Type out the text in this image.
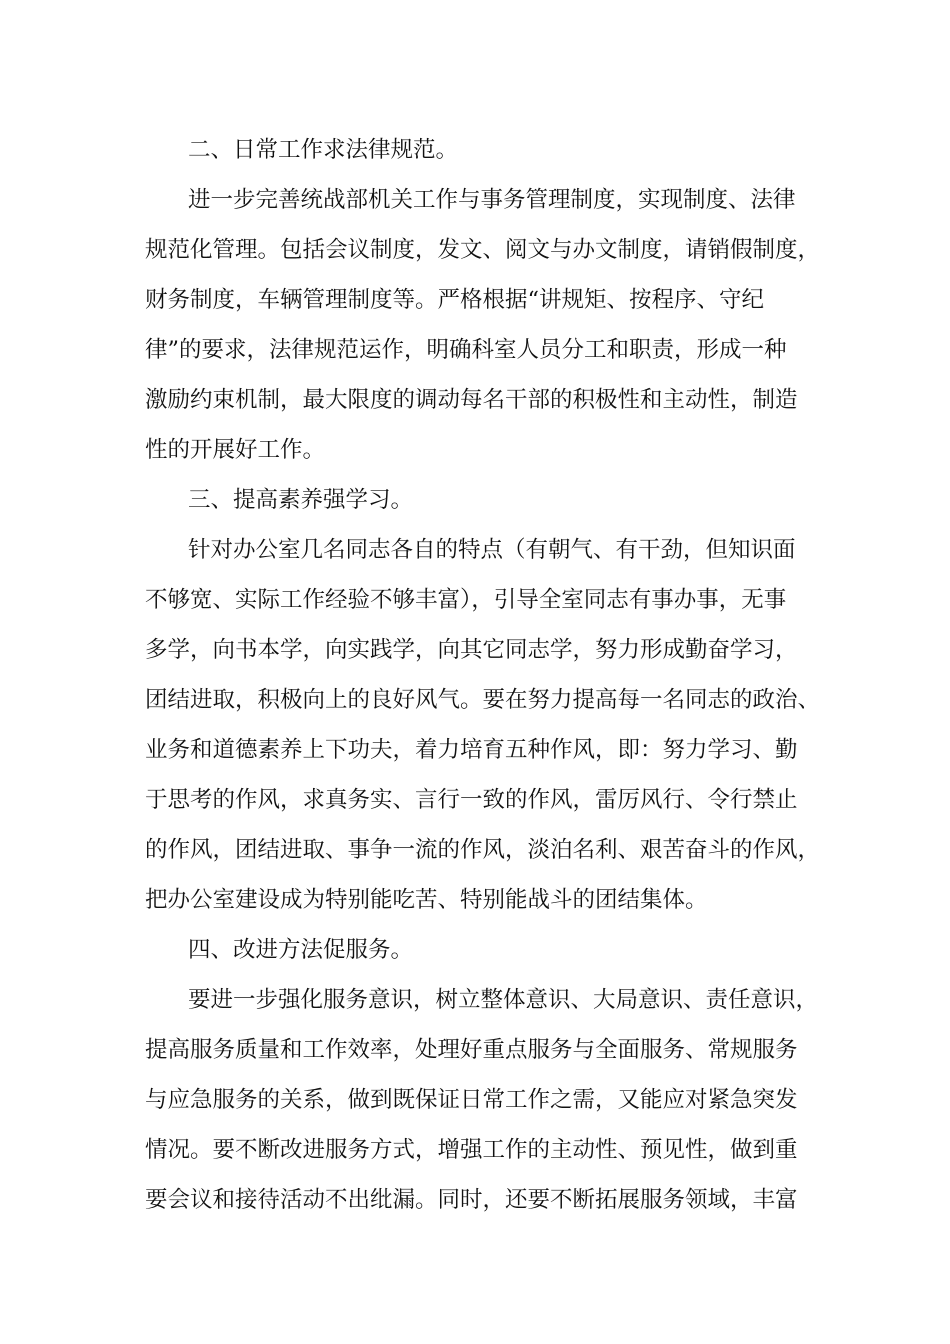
二、日常工作求法律规范。
进一步完善统战部机关工作与事务管理制度，实现制度、法律
规范化管理。包括会议制度，发文、阅文与办文制度，请销假制度，
财务制度，车辆管理制度等。严格根据“讲规矩、按程序、守纪
律”的要求，法律规范运作，明确科室人员分工和职责，形成一种
激励约束机制，最大限度的调动每名干部的积极性和主动性，制造
性的开展好工作。
三、提高素养强学习。
针对办公室几名同志各自的特点（有朝气、有干劲，但知识面
不够宽、实际工作经验不够丰富），引导全室同志有事办事，无事
多学，向书本学，向实践学，向其它同志学，努力形成勤奋学习，
团结进取，积极向上的良好风气。要在努力提高每一名同志的政治、
业务和道德素养上下功夫，着力培育五种作风，即：努力学习、勤
于思考的作风，求真务实、言行一致的作风，雷厉风行、令行禁止
的作风，团结进取、事争一流的作风，淡泊名利、艰苦奋斗的作风，
把办公室建设成为特别能吃苦、特别能战斗的团结集体。
四、改进方法促服务。
要进一步强化服务意识，树立整体意识、大局意识、责任意识，
提高服务质量和工作效率，处理好重点服务与全面服务、常规服务
与应急服务的关系，做到既保证日常工作之需，又能应对紧急突发
情况。要不断改进服务方式，增强工作的主动性、预见性，做到重
要会议和接待活动不出纰漏。同时，还要不断拓展服务领域，丰富
